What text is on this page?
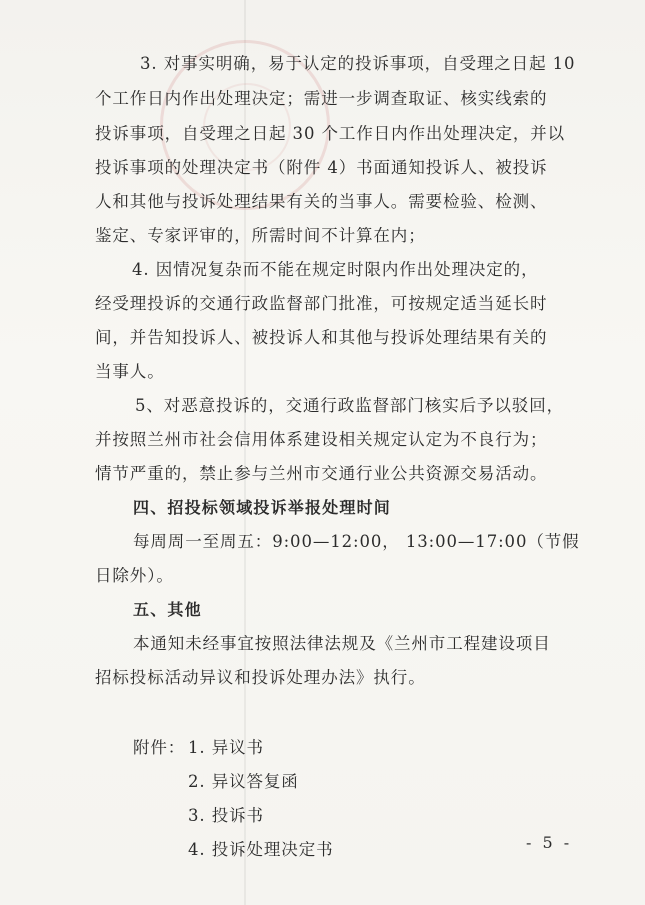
3. 对事实明确，易于认定的投诉事项，自受理之日起 10
个工作日内作出处理决定；需进一步调查取证、核实线索的
投诉事项，自受理之日起 30 个工作日内作出处理决定，并以
投诉事项的处理决定书（附件 4）书面通知投诉人、被投诉
人和其他与投诉处理结果有关的当事人。需要检验、检测、
鉴定、专家评审的，所需时间不计算在内；
4. 因情况复杂而不能在规定时限内作出处理决定的，
经受理投诉的交通行政监督部门批准，可按规定适当延长时
间，并告知投诉人、被投诉人和其他与投诉处理结果有关的
当事人。
5、对恶意投诉的，交通行政监督部门核实后予以驳回，
并按照兰州市社会信用体系建设相关规定认定为不良行为；
情节严重的，禁止参与兰州市交通行业公共资源交易活动。
四、招投标领域投诉举报处理时间
每周周一至周五：9:00—12:00， 13:00—17:00（节假
日除外）。
五、其他
本通知未经事宜按照法律法规及《兰州市工程建设项目
招标投标活动异议和投诉处理办法》执行。
附件： 1. 异议书
2. 异议答复函
3. 投诉书
4. 投诉处理决定书	- 5 -
